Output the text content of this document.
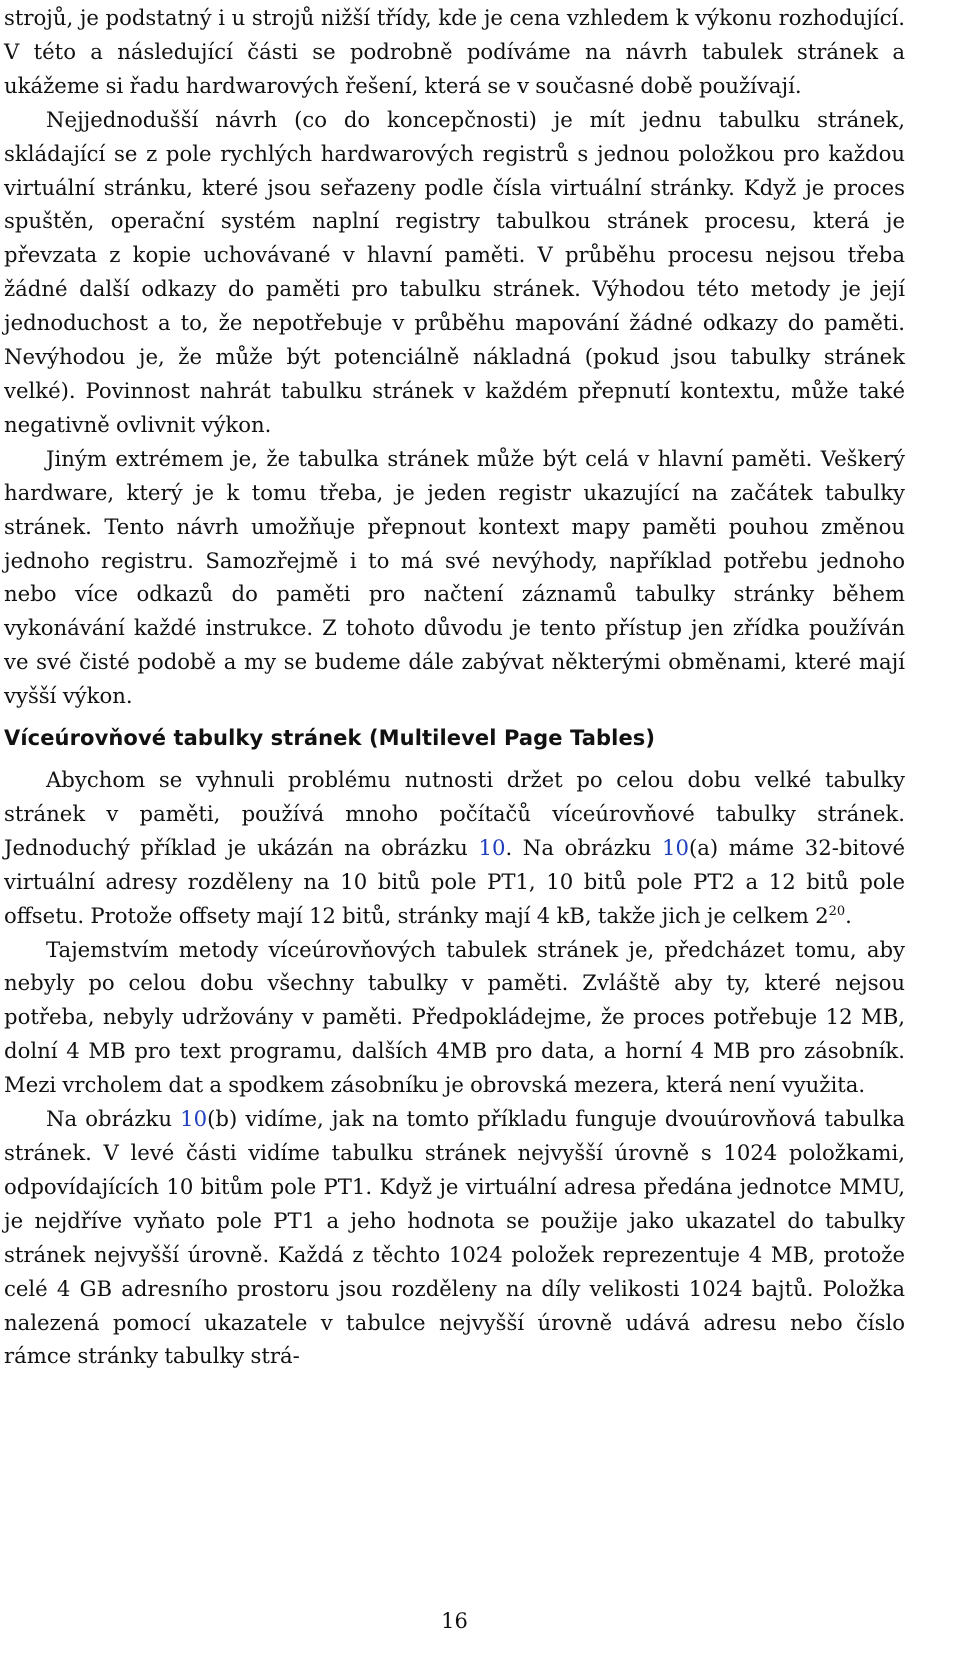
strojů, je podstatný i u strojů nižší třídy, kde je cena vzhledem k výkonu rozhodující. V této a následující části se podrobně podíváme na návrh tabulek stránek a ukážeme si řadu hardwarových řešení, která se v současné době používají.

Nejjednodušší návrh (co do koncepčnosti) je mít jednu tabulku stránek, skládající se z pole rychlých hardwarových registrů s jednou položkou pro každou virtuální stránku, které jsou seřazeny podle čísla virtuální stránky. Když je proces spuštěn, operační systém naplní registry tabulkou stránek procesu, která je převzata z kopie uchovávané v hlavní paměti. V průběhu procesu nejsou třeba žádné další odkazy do paměti pro tabulku stránek. Výhodou této metody je její jednoduchost a to, že nepotřebuje v průběhu mapování žádné odkazy do paměti. Nevýhodou je, že může být potenciálně nákladná (pokud jsou tabulky stránek velké). Povinnost nahrát tabulku stránek v každém přepnutí kontextu, může také negativně ovlivnit výkon.

Jiným extrémem je, že tabulka stránek může být celá v hlavní paměti. Veškerý hardware, který je k tomu třeba, je jeden registr ukazující na začátek tabulky stránek. Tento návrh umožňuje přepnout kontext mapy paměti pouhou změnou jednoho registru. Samozřejmě i to má své nevýhody, například potřebu jednoho nebo více odkazů do paměti pro načtení záznamů tabulky stránky během vykonávání každé instrukce. Z tohoto důvodu je tento přístup jen zřídka používán ve své čisté podobě a my se budeme dále zabývat některými obměnami, které mají vyšší výkon.

Víceúrovňové tabulky stránek (Multilevel Page Tables)

Abychom se vyhnuli problému nutnosti držet po celou dobu velké tabulky stránek v paměti, používá mnoho počítačů víceúrovňové tabulky stránek. Jednoduchý příklad je ukázán na obrázku 10. Na obrázku 10(a) máme 32-bitové virtuální adresy rozděleny na 10 bitů pole PT1, 10 bitů pole PT2 a 12 bitů pole offsetu. Protože offsety mají 12 bitů, stránky mají 4 kB, takže jich je celkem $2^{20}$.

Tajemstvím metody víceúrovňových tabulek stránek je, předcházet tomu, aby nebyly po celou dobu všechny tabulky v paměti. Zvláště aby ty, které nejsou potřeba, nebyly udržovány v paměti. Předpokládejme, že proces potřebuje 12 MB, dolní 4 MB pro text programu, dalších 4MB pro data, a horní 4 MB pro zásobník. Mezi vrcholem dat a spodkem zásobníku je obrovská mezera, která není využita.

Na obrázku 10(b) vidíme, jak na tomto příkladu funguje dvouúrovňová tabulka stránek. V levé části vidíme tabulku stránek nejvyšší úrovně s 1024 položkami, odpovídajících 10 bitům pole PT1. Když je virtuální adresa předána jednotce MMU, je nejdříve vyňato pole PT1 a jeho hodnota se použije jako ukazatel do tabulky stránek nejvyšší úrovně. Každá z těchto 1024 položek reprezentuje 4 MB, protože celé 4 GB adresního prostoru jsou rozděleny na díly velikosti 1024 bajtů. Položka nalezená pomocí ukazatele v tabulce nejvyšší úrovně udává adresu nebo číslo rámce stránky tabulky strá-

16
